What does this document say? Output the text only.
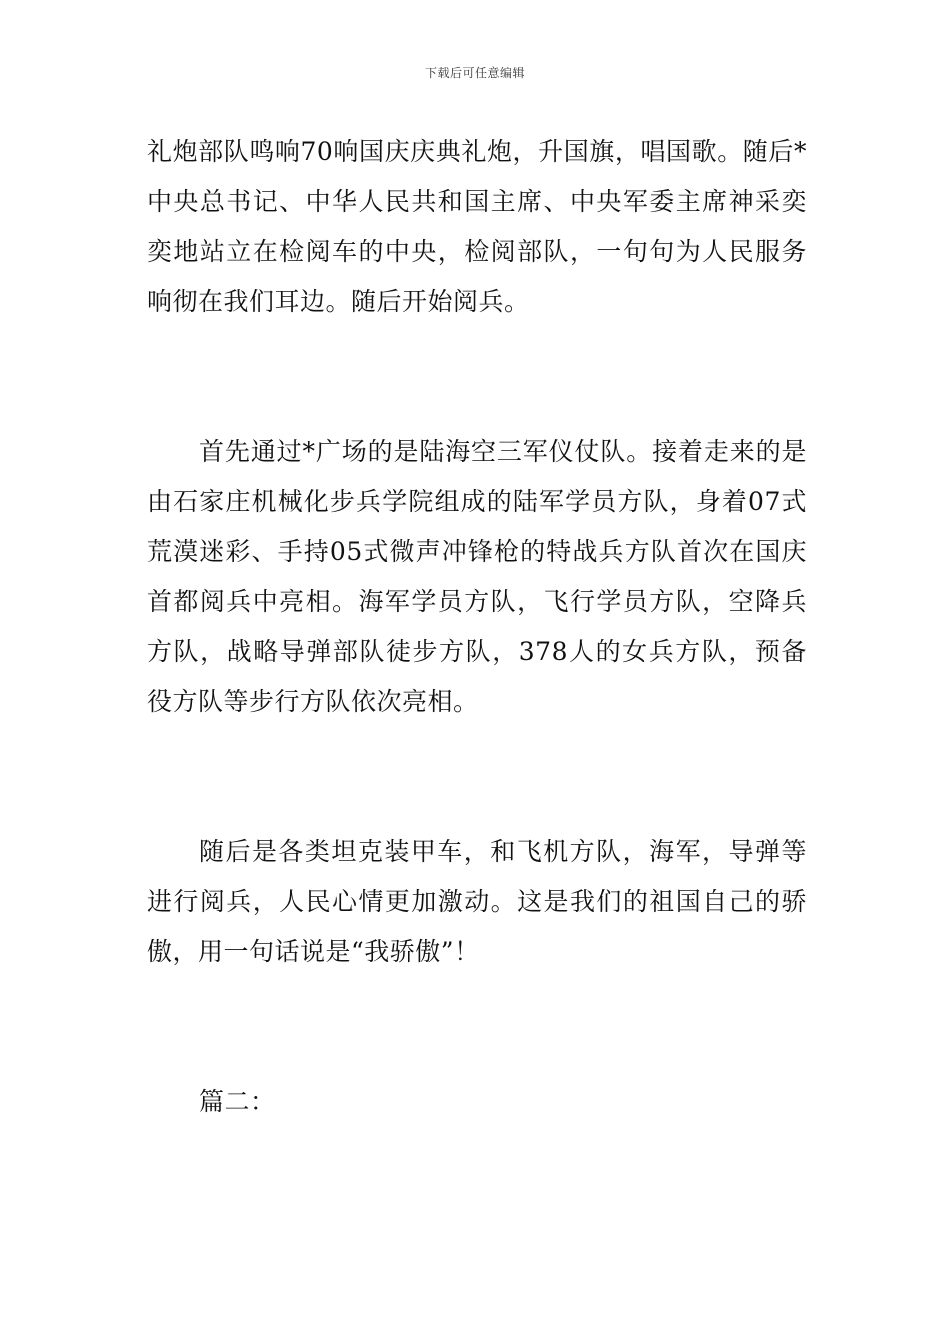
下载后可任意编辑

礼炮部队鸣响70响国庆庆典礼炮，升国旗，唱国歌。随后*中央总书记、中华人民共和国主席、中央军委主席神采奕奕地站立在检阅车的中央，检阅部队，一句句为人民服务响彻在我们耳边。随后开始阅兵。

首先通过*广场的是陆海空三军仪仗队。接着走来的是由石家庄机械化步兵学院组成的陆军学员方队，身着07式荒漠迷彩、手持05式微声冲锋枪的特战兵方队首次在国庆首都阅兵中亮相。海军学员方队，飞行学员方队，空降兵方队，战略导弹部队徒步方队，378人的女兵方队，预备役方队等步行方队依次亮相。

随后是各类坦克装甲车，和飞机方队，海军，导弹等进行阅兵，人民心情更加激动。这是我们的祖国自己的骄傲，用一句话说是“我骄傲”！

篇二：
